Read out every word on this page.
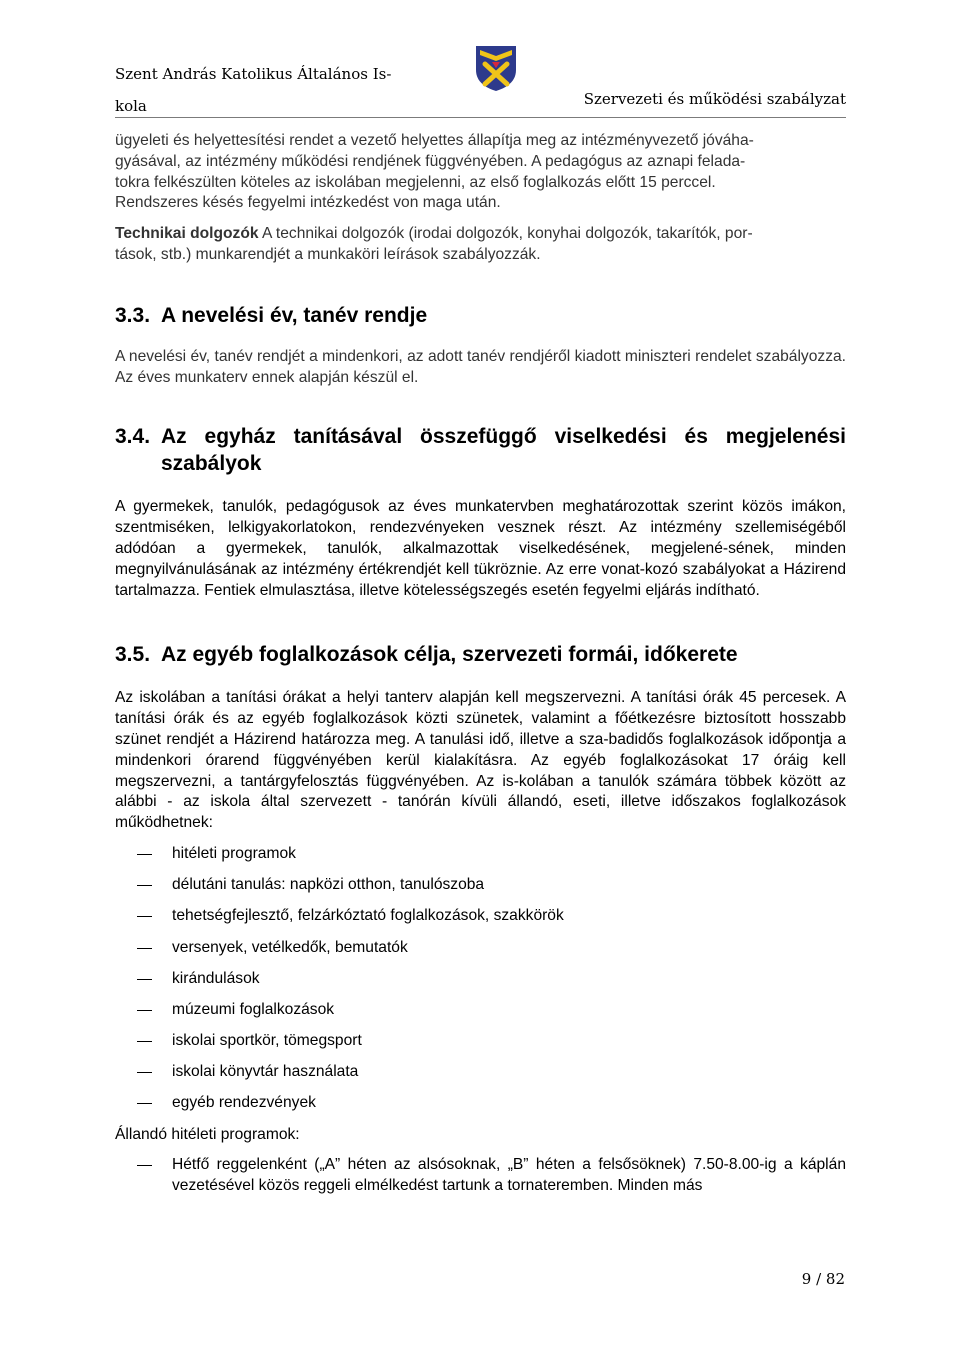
Szent András Katolikus Általános Is-
kola	Szervezeti és működési szabályzat

ügyeleti és helyettesítési rendet a vezető helyettes állapítja meg az intézményvezető jóváha-
gyásával, az intézmény működési rendjének függvényében. A pedagógus az aznapi felada-
tokra felkészülten köteles az iskolában megjelenni, az első foglalkozás előtt 15 perccel.
Rendszeres késés fegyelmi intézkedést von maga után.

Technikai dolgozók A technikai dolgozók (irodai dolgozók, konyhai dolgozók, takarítók, por-
tások, stb.) munkarendjét a munkaköri leírások szabályozzák.

3.3. A nevelési év, tanév rendje

A nevelési év, tanév rendjét a mindenkori, az adott tanév rendjéről kiadott miniszteri rendelet szabályozza. Az éves munkaterv ennek alapján készül el.

3.4. Az egyház tanításával összefüggő viselkedési és megjelenési szabályok

A gyermekek, tanulók, pedagógusok az éves munkatervben meghatározottak szerint közös imákon, szentmiséken, lelkigyakorlatokon, rendezvényeken vesznek részt. Az intézmény szellemiségéből adódóan a gyermekek, tanulók, alkalmazottak viselkedésének, megjelené-sének, minden megnyilvánulásának az intézmény értékrendjét kell tükröznie. Az erre vonat-kozó szabályokat a Házirend tartalmazza. Fentiek elmulasztása, illetve kötelességszegés esetén fegyelmi eljárás indítható.

3.5. Az egyéb foglalkozások célja, szervezeti formái, időkerete

Az iskolában a tanítási órákat a helyi tanterv alapján kell megszervezni. A tanítási órák 45 percesek. A tanítási órák és az egyéb foglalkozások közti szünetek, valamint a főétkezésre biztosított hosszabb szünet rendjét a Házirend határozza meg. A tanulási idő, illetve a sza-badidős foglalkozások időpontja a mindenkori órarend függvényében kerül kialakításra. Az egyéb foglalkozásokat 17 óráig kell megszervezni, a tantárgyfelosztás függvényében. Az is-kolában a tanulók számára többek között az alábbi - az iskola által szervezett - tanórán kívüli állandó, eseti, illetve időszakos foglalkozások működhetnek:

hitéleti programok
délutáni tanulás: napközi otthon, tanulószoba
tehetségfejlesztő, felzárkóztató foglalkozások, szakkörök
versenyek, vetélkedők, bemutatók
kirándulások
múzeumi foglalkozások
iskolai sportkör, tömegsport
iskolai könyvtár használata
egyéb rendezvények

Állandó hitéleti programok:

Hétfő reggelenként („A” héten az alsósoknak, „B” héten a felsősöknek) 7.50-8.00-ig a káplán vezetésével közös reggeli elmélkedést tartunk a tornateremben. Minden más
9 / 82
